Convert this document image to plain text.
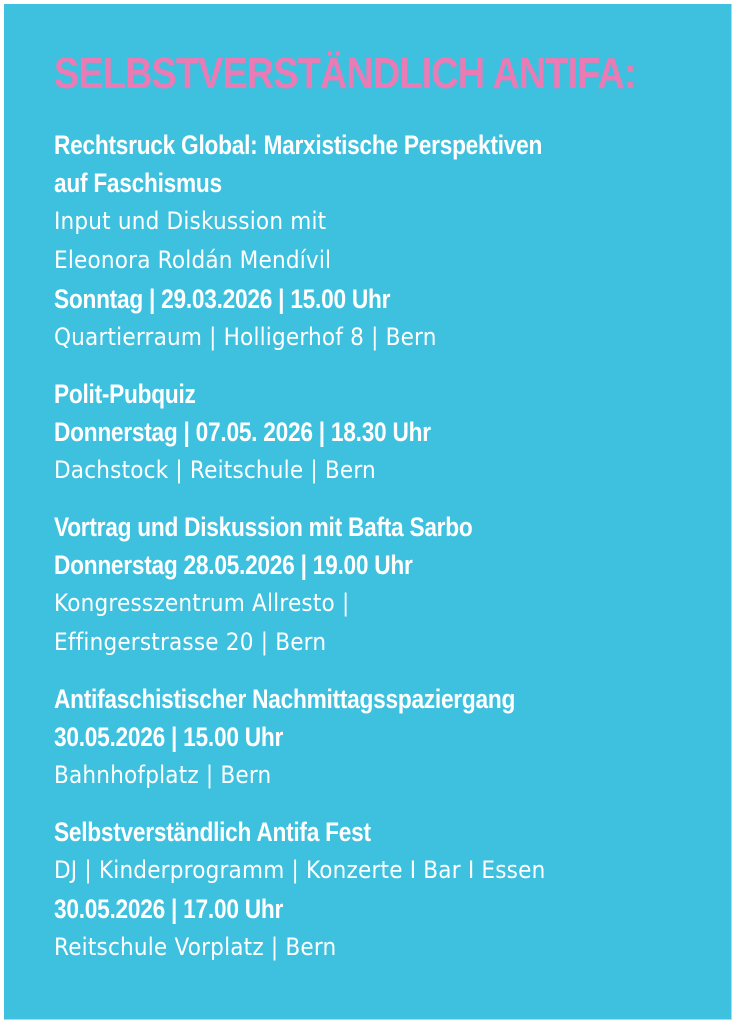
SELBSTVERSTÄNDLICH ANTIFA:
Rechtsruck Global: Marxistische Perspektiven
auf Faschismus
Input und Diskussion mit
Eleonora Roldán Mendívil
Sonntag | 29.03.2026 | 15.00 Uhr
Quartierraum | Holligerhof 8 | Bern
Polit-Pubquiz
Donnerstag | 07.05. 2026 | 18.30 Uhr
Dachstock | Reitschule | Bern
Vortrag und Diskussion mit Bafta Sarbo
Donnerstag 28.05.2026 | 19.00 Uhr
Kongresszentrum Allresto |
Effingerstrasse 20 | Bern
Antifaschistischer Nachmittagsspaziergang
30.05.2026 | 15.00 Uhr
Bahnhofplatz | Bern
Selbstverständlich Antifa Fest
DJ | Kinderprogramm | Konzerte I Bar I Essen
30.05.2026 | 17.00 Uhr
Reitschule Vorplatz | Bern
